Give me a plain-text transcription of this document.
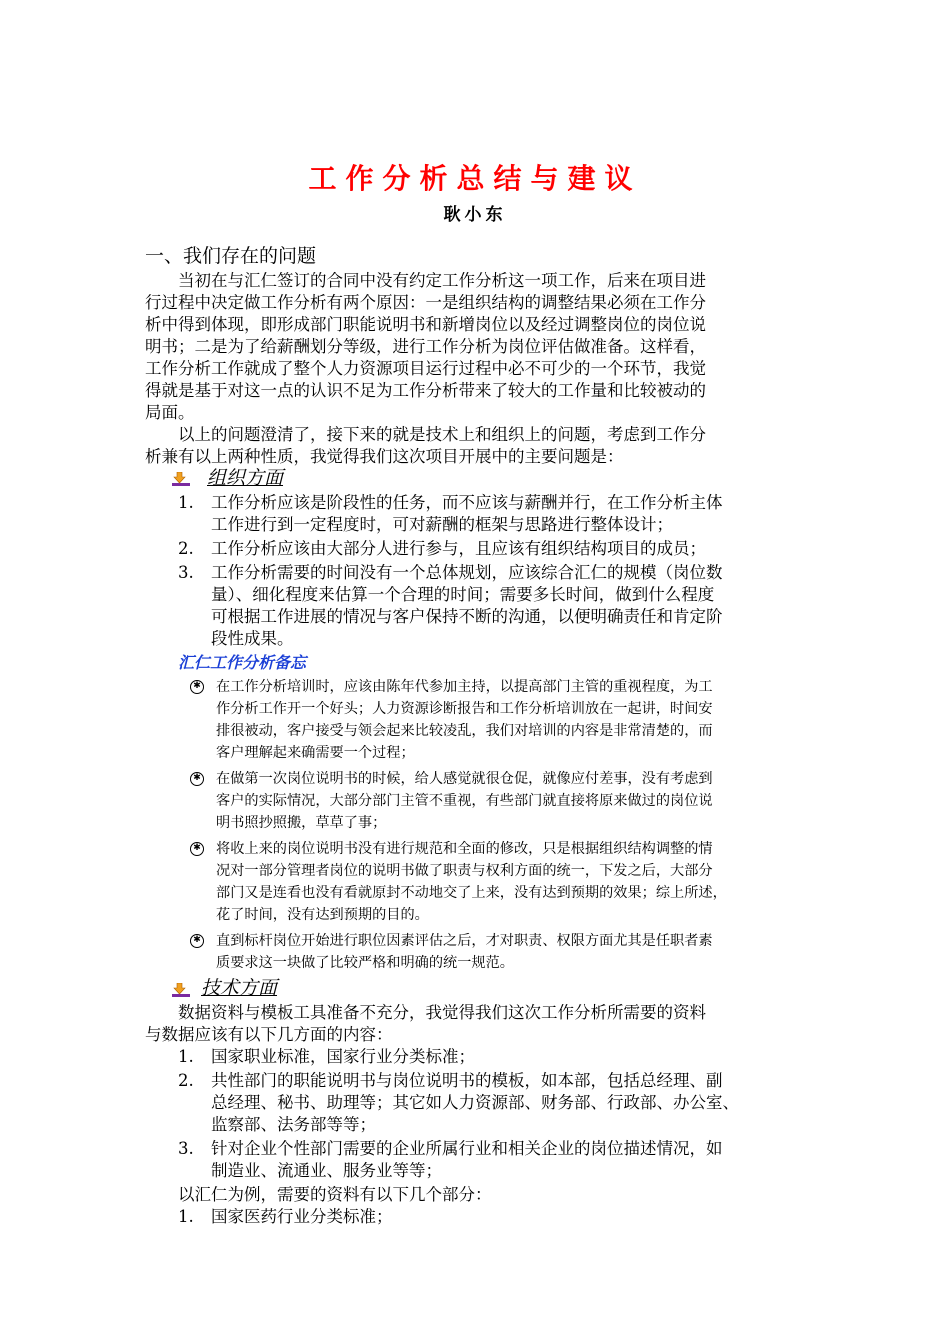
工作分析总结与建议
耿小东
一、我们存在的问题
当初在与汇仁签订的合同中没有约定工作分析这一项工作，后来在项目进
行过程中决定做工作分析有两个原因：一是组织结构的调整结果必须在工作分
析中得到体现，即形成部门职能说明书和新增岗位以及经过调整岗位的岗位说
明书；二是为了给薪酬划分等级，进行工作分析为岗位评估做准备。这样看，
工作分析工作就成了整个人力资源项目运行过程中必不可少的一个环节，我觉
得就是基于对这一点的认识不足为工作分析带来了较大的工作量和比较被动的
局面。
以上的问题澄清了，接下来的就是技术上和组织上的问题，考虑到工作分
析兼有以上两种性质，我觉得我们这次项目开展中的主要问题是：
组织方面
1. 工作分析应该是阶段性的任务，而不应该与薪酬并行，在工作分析主体
工作进行到一定程度时，可对薪酬的框架与思路进行整体设计；
2. 工作分析应该由大部分人进行参与，且应该有组织结构项目的成员；
3. 工作分析需要的时间没有一个总体规划，应该综合汇仁的规模（岗位数
量）、细化程度来估算一个合理的时间；需要多长时间，做到什么程度
可根据工作进展的情况与客户保持不断的沟通，以便明确责任和肯定阶
段性成果。
汇仁工作分析备忘
✱ 在工作分析培训时，应该由陈年代参加主持，以提高部门主管的重视程度，为工
作分析工作开一个好头；人力资源诊断报告和工作分析培训放在一起讲，时间安
排很被动，客户接受与领会起来比较凌乱，我们对培训的内容是非常清楚的，而
客户理解起来确需要一个过程；
✱ 在做第一次岗位说明书的时候，给人感觉就很仓促，就像应付差事，没有考虑到
客户的实际情况，大部分部门主管不重视，有些部门就直接将原来做过的岗位说
明书照抄照搬，草草了事；
✱ 将收上来的岗位说明书没有进行规范和全面的修改，只是根据组织结构调整的情
况对一部分管理者岗位的说明书做了职责与权利方面的统一，下发之后，大部分
部门又是连看也没有看就原封不动地交了上来，没有达到预期的效果；综上所述，
花了时间，没有达到预期的目的。
✱ 直到标杆岗位开始进行职位因素评估之后，才对职责、权限方面尤其是任职者素
质要求这一块做了比较严格和明确的统一规范。
技术方面
数据资料与模板工具准备不充分，我觉得我们这次工作分析所需要的资料
与数据应该有以下几方面的内容：
1. 国家职业标准，国家行业分类标准；
2. 共性部门的职能说明书与岗位说明书的模板，如本部，包括总经理、副
总经理、秘书、助理等；其它如人力资源部、财务部、行政部、办公室、
监察部、法务部等等；
3. 针对企业个性部门需要的企业所属行业和相关企业的岗位描述情况，如
制造业、流通业、服务业等等；
以汇仁为例，需要的资料有以下几个部分：
1. 国家医药行业分类标准；
